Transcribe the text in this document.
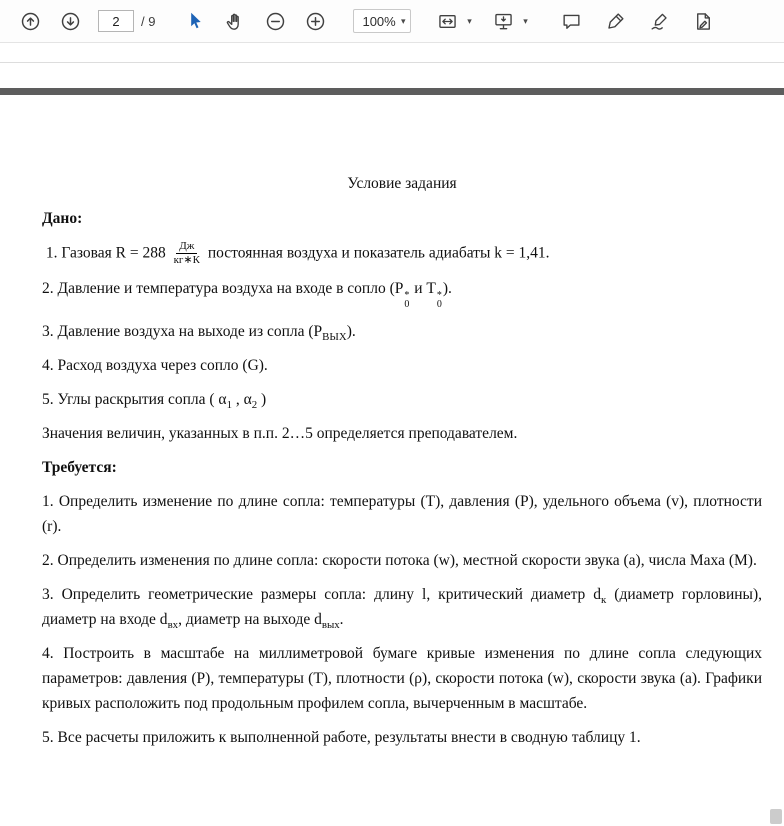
2
/ 9	100% ▾	▾	▾

Условие задания

Дано:

1. Газовая $R = 288 \frac{Дж}{кг∗К}$ постоянная воздуха и показатель адиабаты k = 1,41.

2. Давление и температура воздуха на входе в сопло (P *
0
и T *
0
).

3. Давление воздуха на выходе из сопла $(P_{ВЫХ})$.

4. Расход воздуха через сопло (G).

5. Углы раскрытия сопла ( $\alpha_1$ , $\alpha_2$ )

Значения величин, указанных в п.п. 2…5 определяется преподавателем.

Требуется:

1. Определить изменение по длине сопла: температуры (T), давления (P), удельного объема (v), плотности (r).

2. Определить изменения по длине сопла: скорости потока (w), местной скорости звука (a), числа Маха (M).

3. Определить геометрические размеры сопла: длину l, критический диаметр $d_к$ (диаметр горловины), диаметр на входе $d_{вх}$, диаметр на выходе $d_{вых}$.

4. Построить в масштабе на миллиметровой бумаге кривые изменения по длине сопла следующих параметров: давления (P), температуры (T), плотности (ρ), скорости потока (w), скорости звука (a). Графики кривых расположить под продольным профилем сопла, вычерченным в масштабе.

5. Все расчеты приложить к выполненной работе, результаты внести в сводную таблицу 1.
